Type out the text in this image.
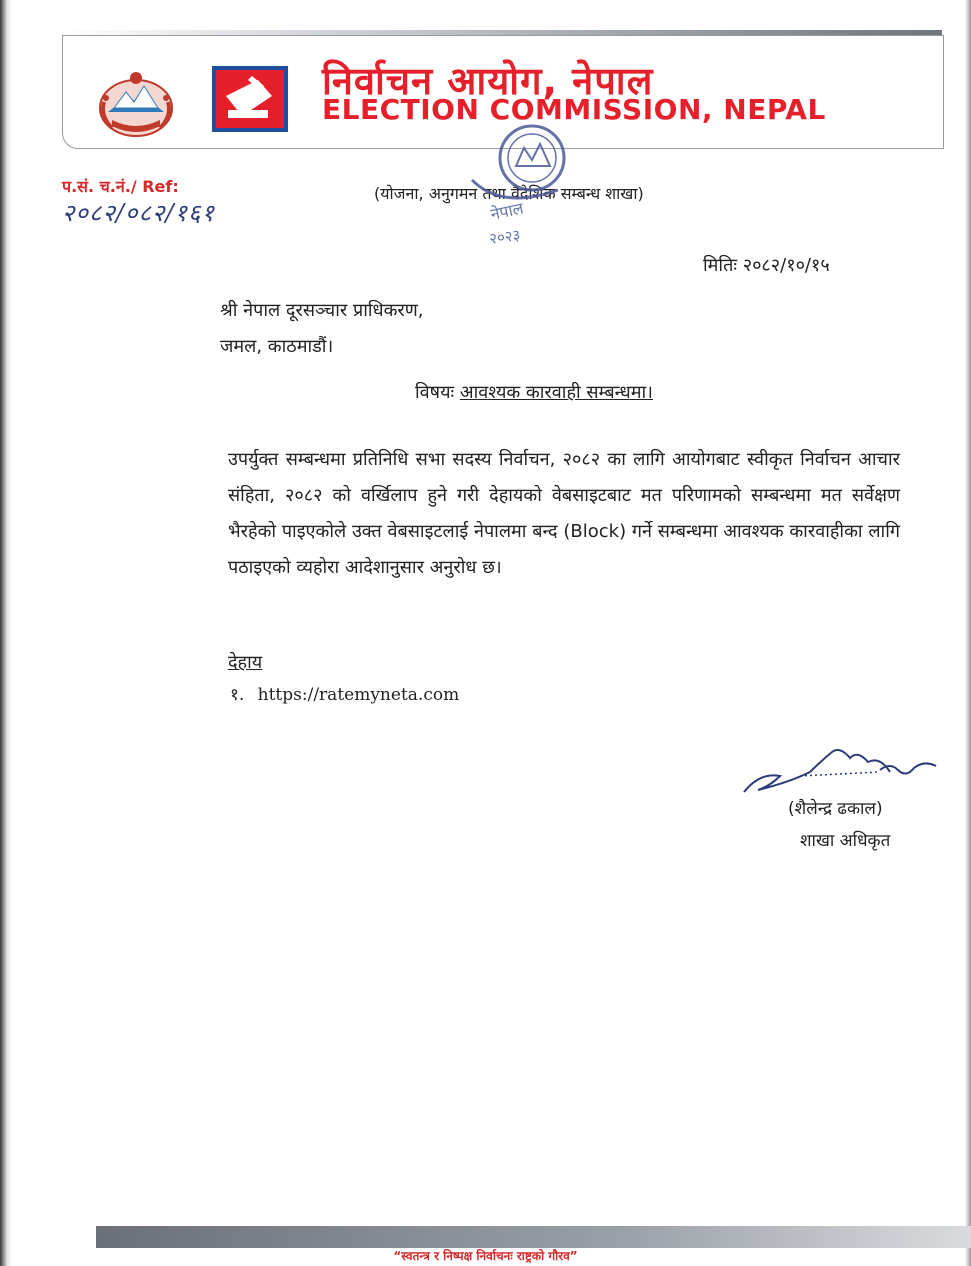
निर्वाचन आयोग, नेपाल
ELECTION COMMISSION, NEPAL
प.सं. च.नं./ Ref:
२०८२/०८२/१६१
(योजना, अनुगमन तथा वैदेशिक सम्बन्ध शाखा)
नेपाल
२०२३
मितिः २०८२/१०/१५
श्री नेपाल दूरसञ्चार प्राधिकरण,
जमल, काठमाडौं।
विषयः आवश्यक कारवाही सम्बन्धमा।
उपर्युक्त सम्बन्धमा प्रतिनिधि सभा सदस्य निर्वाचन, २०८२ का लागि आयोगबाट स्वीकृत निर्वाचन आचार संहिता, २०८२ को वर्खिलाप हुने गरी देहायको वेबसाइटबाट मत परिणामको सम्बन्धमा मत सर्वेक्षण भैरहेको पाइएकोले उक्त वेबसाइटलाई नेपालमा बन्द (Block) गर्ने सम्बन्धमा आवश्यक कारवाहीका लागि पठाइएको व्यहोरा आदेशानुसार अनुरोध छ।
देहाय
१. https://ratemyneta.com
(शैलेन्द्र ढकाल)
शाखा अधिकृत
“स्वतन्त्र र निष्पक्ष निर्वाचनः राष्ट्रको गौरव”
